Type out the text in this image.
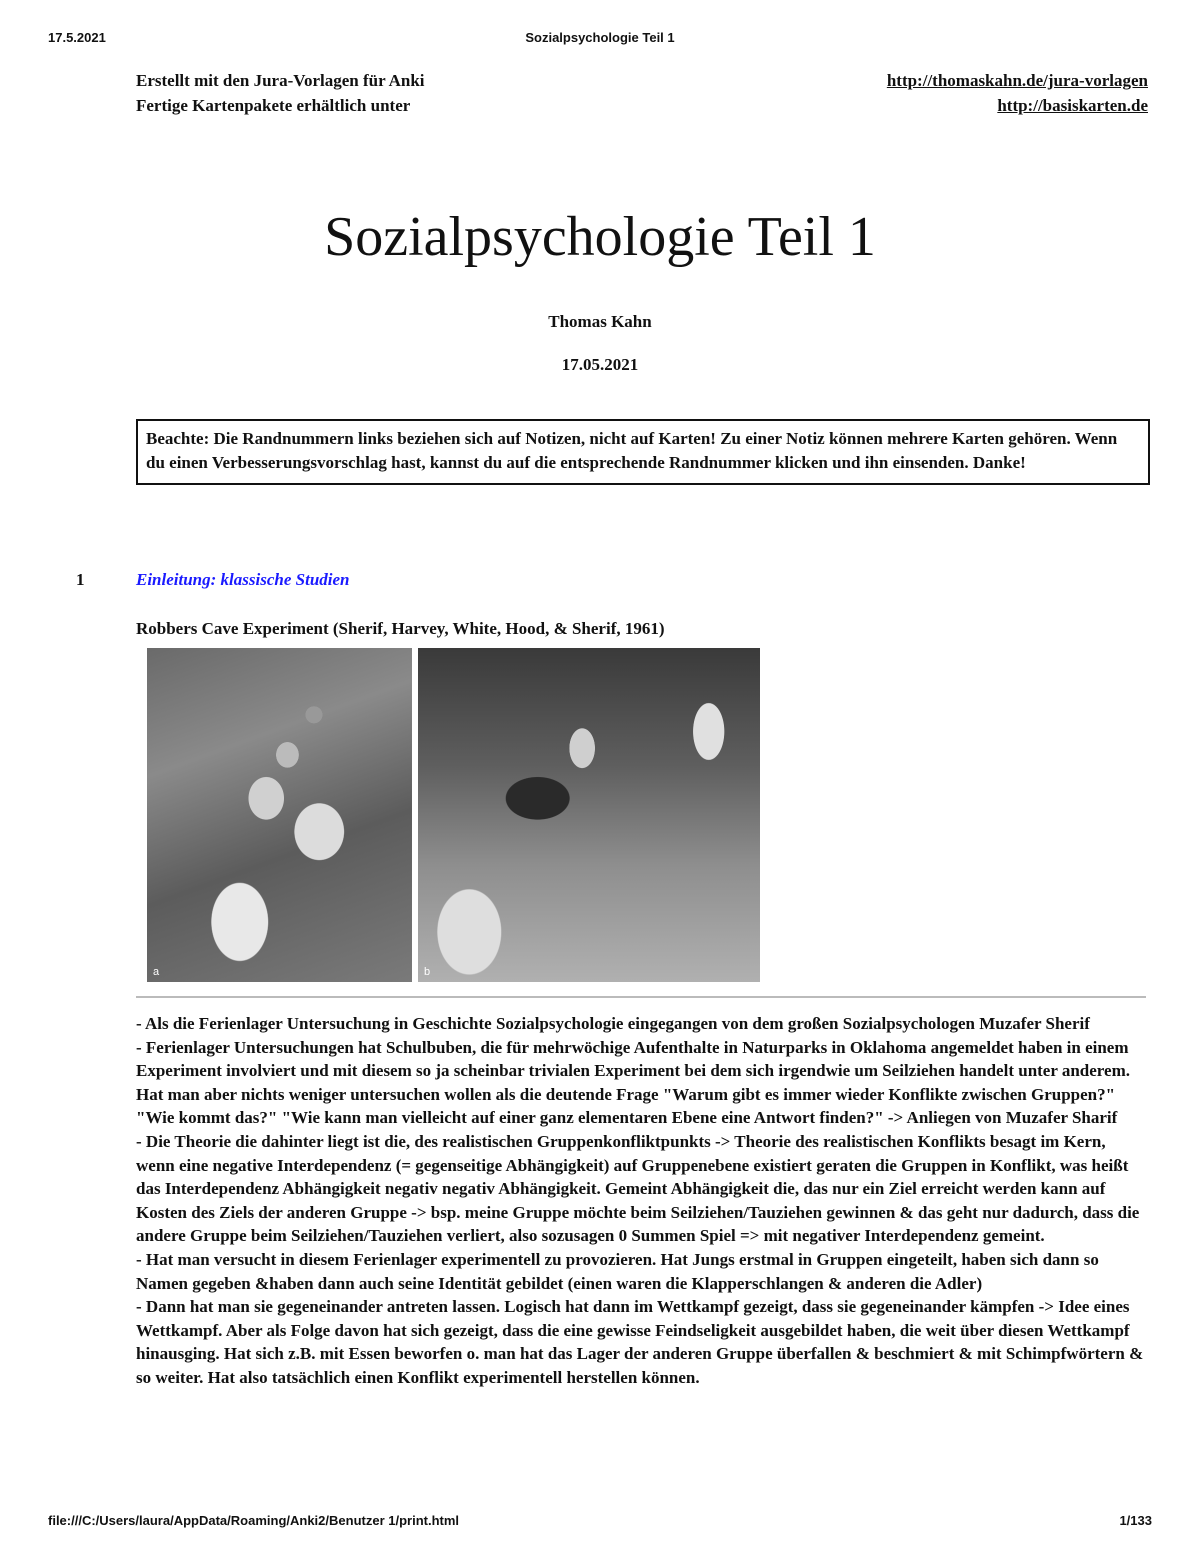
17.5.2021	Sozialpsychologie Teil 1
Erstellt mit den Jura-Vorlagen für Anki	http://thomaskahn.de/jura-vorlagen
Fertige Kartenpakete erhältlich unter	http://basiskarten.de
Sozialpsychologie Teil 1
Thomas Kahn
17.05.2021
Beachte: Die Randnummern links beziehen sich auf Notizen, nicht auf Karten! Zu einer Notiz können mehrere Karten gehören. Wenn du einen Verbesserungsvorschlag hast, kannst du auf die entsprechende Randnummer klicken und ihn einsenden. Danke!
1	Einleitung: klassische Studien
Robbers Cave Experiment (Sherif, Harvey, White, Hood, & Sherif, 1961)
a	b

- Als die Ferienlager Untersuchung in Geschichte Sozialpsychologie eingegangen von dem großen Sozialpsychologen Muzafer Sherif

- Ferienlager Untersuchungen hat Schulbuben, die für mehrwöchige Aufenthalte in Naturparks in Oklahoma angemeldet haben in einem Experiment involviert und mit diesem so ja scheinbar trivialen Experiment bei dem sich irgendwie um Seilziehen handelt unter anderem. Hat man aber nichts weniger untersuchen wollen als die deutende Frage "Warum gibt es immer wieder Konflikte zwischen Gruppen?" "Wie kommt das?" "Wie kann man vielleicht auf einer ganz elementaren Ebene eine Antwort finden?" -> Anliegen von Muzafer Sharif

- Die Theorie die dahinter liegt ist die, des realistischen Gruppenkonfliktpunkts -> Theorie des realistischen Konflikts besagt im Kern, wenn eine negative Interdependenz (= gegenseitige Abhängigkeit) auf Gruppenebene existiert geraten die Gruppen in Konflikt, was heißt das Interdependenz Abhängigkeit negativ negativ Abhängigkeit. Gemeint Abhängigkeit die, das nur ein Ziel erreicht werden kann auf Kosten des Ziels der anderen Gruppe -> bsp. meine Gruppe möchte beim Seilziehen/Tauziehen gewinnen & das geht nur dadurch, dass die andere Gruppe beim Seilziehen/Tauziehen verliert, also sozusagen 0 Summen Spiel => mit negativer Interdependenz gemeint.

- Hat man versucht in diesem Ferienlager experimentell zu provozieren. Hat Jungs erstmal in Gruppen eingeteilt, haben sich dann so Namen gegeben &haben dann auch seine Identität gebildet (einen waren die Klapperschlangen & anderen die Adler)

- Dann hat man sie gegeneinander antreten lassen. Logisch hat dann im Wettkampf gezeigt, dass sie gegeneinander kämpfen -> Idee eines Wettkampf. Aber als Folge davon hat sich gezeigt, dass die eine gewisse Feindseligkeit ausgebildet haben, die weit über diesen Wettkampf hinausging. Hat sich z.B. mit Essen beworfen o. man hat das Lager der anderen Gruppe überfallen & beschmiert & mit Schimpfwörtern & so weiter. Hat also tatsächlich einen Konflikt experimentell herstellen können.

file:///C:/Users/laura/AppData/Roaming/Anki2/Benutzer 1/print.html	1/133
